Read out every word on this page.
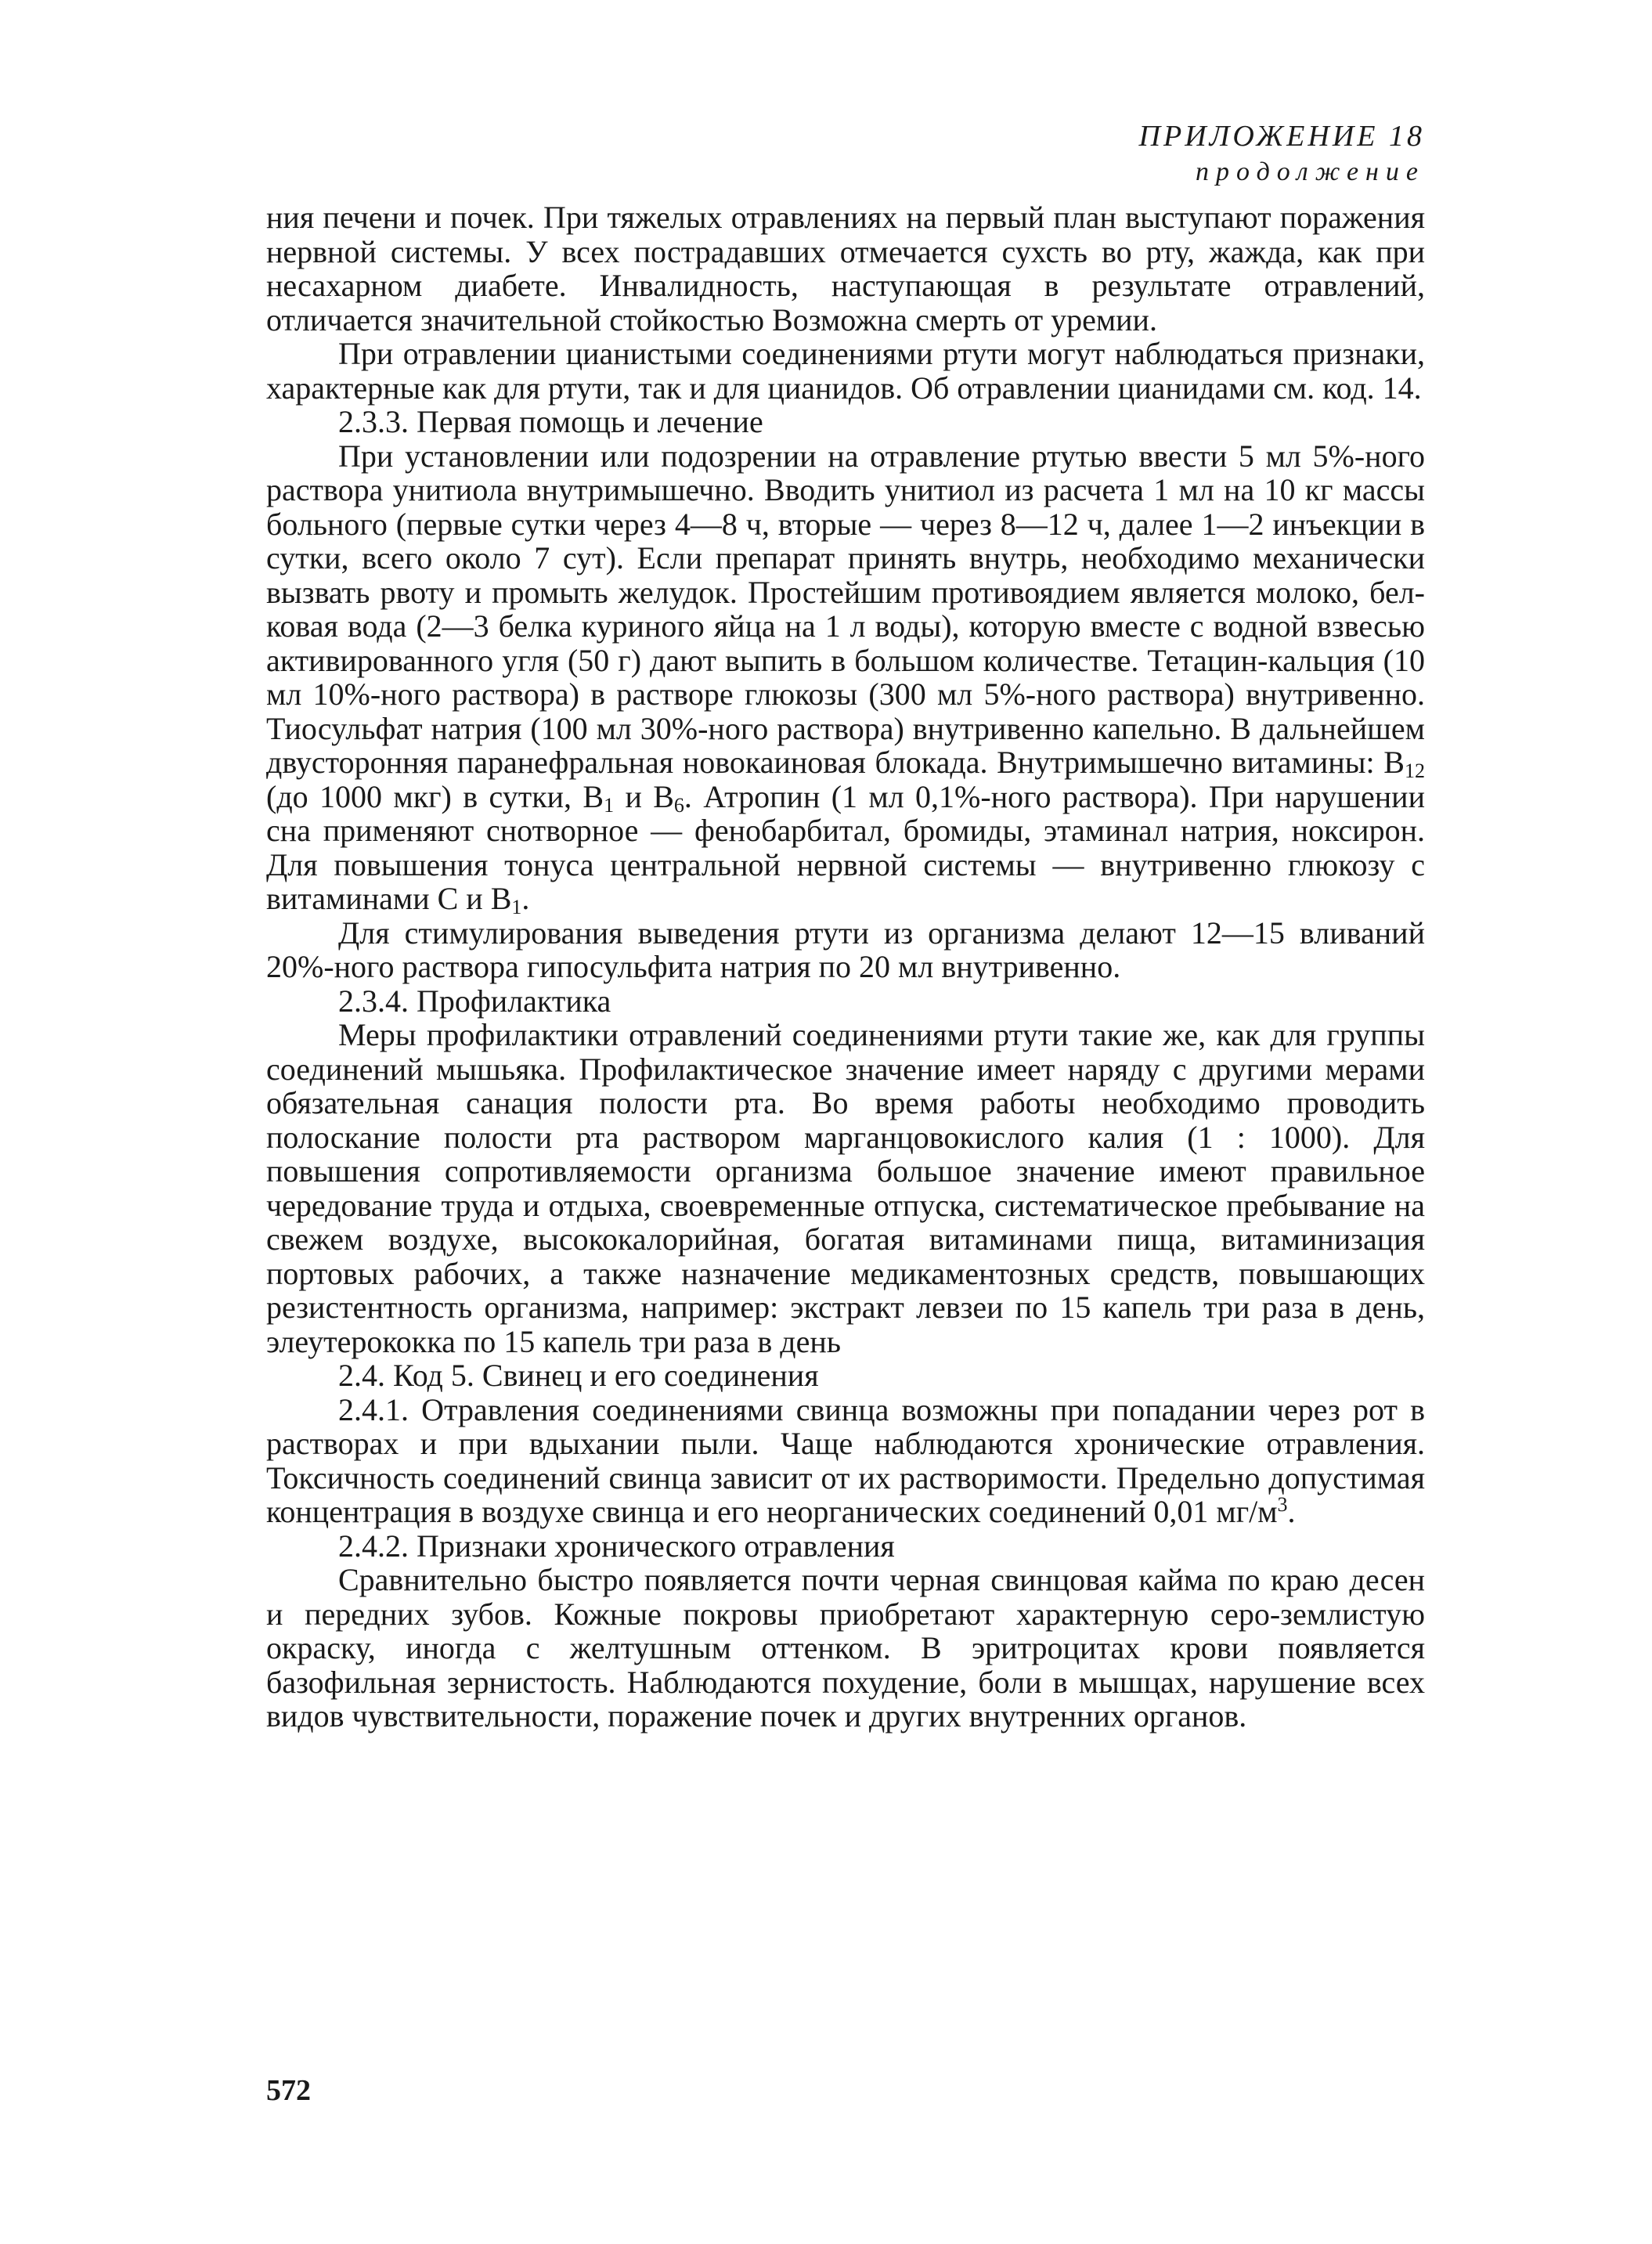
ПРИЛОЖЕНИЕ 18
продолжение

ния печени и почек. При тяжелых отравлениях на первый план выступают поражения нервной системы. У всех пострадавших отмечается сухсть во рту, жажда, как при несахарном диабете. Инвалидность, наступающая в результате отравлений, отличается значительной стойкостью Возможна смерть от уремии.

При отравлении цианистыми соединениями ртути могут наблюдаться признаки, характерные как для ртути, так и для цианидов. Об отравлении цианидами см. код. 14.

2.3.3. Первая помощь и лечение

При установлении или подозрении на отравление ртутью ввести 5 мл 5%-ного раствора унитиола внутримышечно. Вводить унитиол из расчета 1 мл на 10 кг массы больного (первые сутки через 4—8 ч, вторые — через 8—12 ч, далее 1—2 инъекции в сутки, всего около 7 сут). Если препарат принять внутрь, необходимо механически вызвать рвоту и промыть желудок. Простейшим противоядием является молоко, белковая вода (2—3 белка куриного яйца на 1 л воды), которую вместе с водной взвесью активированного угля (50 г) дают выпить в большом количестве. Тетацин-кальция (10 мл 10%-ного раствора) в растворе глюкозы (300 мл 5%-ного раствора) внутривенно. Тиосульфат натрия (100 мл 30%-ного раствора) внутривенно капельно. В дальнейшем двусторонняя паранефральная новокаиновая блокада. Внутримышечно витамины: $B_{12}$ (до 1000 мкг) в сутки, $B_1$ и $B_6$. Атропин (1 мл 0,1%-ного раствора). При нарушении сна применяют снотворное — фенобарбитал, бромиды, этаминал натрия, ноксирон. Для повышения тонуса центральной нервной системы — внутривенно глюкозу с витаминами C и $B_1$.

Для стимулирования выведения ртути из организма делают 12—15 вливаний 20%-ного раствора гипосульфита натрия по 20 мл внутривенно.

2.3.4. Профилактика

Меры профилактики отравлений соединениями ртути такие же, как для группы соединений мышьяка. Профилактическое значение имеет наряду с другими мерами обязательная санация полости рта. Во время работы необходимо проводить полоскание полости рта раствором марганцовокислого калия (1 : 1000). Для повышения сопротивляемости организма большое значение имеют правильное чередование труда и отдыха, своевременные отпуска, систематическое пребывание на свежем воздухе, высококалорийная, богатая витаминами пища, витаминизация портовых рабочих, а также назначение медикаментозных средств, повышающих резистентность организма, например: экстракт левзеи по 15 капель три раза в день, элеутерококка по 15 капель три раза в день

2.4. Код 5. Свинец и его соединения

2.4.1. Отравления соединениями свинца возможны при попадании через рот в растворах и при вдыхании пыли. Чаще наблюдаются хронические отравления. Токсичность соединений свинца зависит от их растворимости. Предельно допустимая концентрация в воздухе свинца и его неорганических соединений 0,01 $мг/м^3$.

2.4.2. Признаки хронического отравления

Сравнительно быстро появляется почти черная свинцовая кайма по краю десен и передних зубов. Кожные покровы приобретают характерную серо-землистую окраску, иногда с желтушным оттенком. В эритроцитах крови появляется базофильная зернистость. Наблюдаются похудение, боли в мышцах, нарушение всех видов чувствительности, поражение почек и других внутренних органов.

572
